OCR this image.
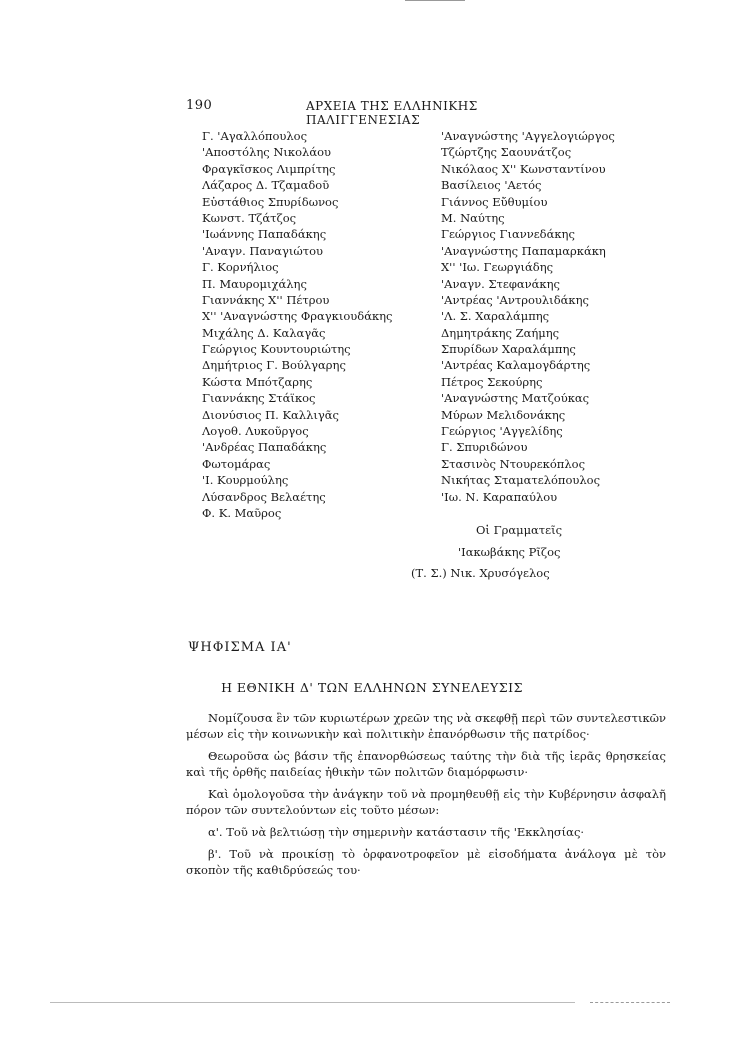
190	ΑΡΧΕΙΑ ΤΗΣ ΕΛΛΗΝΙΚΗΣ ΠΑΛΙΓΓΕΝΕΣΙΑΣ
Γ. 'Αγαλλόπουλος
'Αποστόλης Νικολάου
Φραγκῖσκος Λιμπρίτης
Λάζαρος Δ. Τζαμαδοῦ
Εὐστάθιος Σπυρίδωνος
Κωνστ. Τζάτζος
'Ιωάννης Παπαδάκης
'Αναγν. Παναγιώτου
Γ. Κορνήλιος
Π. Μαυρομιχάλης
Γιαννάκης Χ'' Πέτρου
Χ'' 'Αναγνώστης Φραγκιουδάκης
Μιχάλης Δ. Καλαγᾶς
Γεώργιος Κουντουριώτης
Δημήτριος Γ. Βούλγαρης
Κώστα Μπότζαρης
Γιαννάκης Στάϊκος
Διονύσιος Π. Καλλιγᾶς
Λογοθ. Λυκοῦργος
'Ανδρέας Παπαδάκης
Φωτομάρας
'Ι. Κουρμούλης
Λύσανδρος Βελαέτης
Φ. Κ. Μαῦρος
'Αναγνώστης 'Αγγελογιώργος
Τζώρτζης Σαουνάτζος
Νικόλαος Χ'' Κωνσταντίνου
Βασίλειος 'Αετός
Γιάννος Εὔθυμίου
Μ. Ναύτης
Γεώργιος Γιαννεδάκης
'Αναγνώστης Παπαμαρκάκη
Χ'' 'Ιω. Γεωργιάδης
'Αναγν. Στεφανάκης
'Αντρέας 'Αντρουλιδάκης
'Λ. Σ. Χαραλάμπης
Δημητράκης Ζαήμης
Σπυρίδων Χαραλάμπης
'Αντρέας Καλαμογδάρτης
Πέτρος Σεκούρης
'Αναγνώστης Ματζούκας
Μύρων Μελιδονάκης
Γεώργιος 'Αγγελίδης
Γ. Σπυριδώνου
Στασινὸς Ντουρεκόπλος
Νικήτας Σταματελόπουλος
'Ιω. Ν. Καραπαύλου
Οἱ Γραμματεῖς
'Ιακωβάκης Ρῖζος
(Τ. Σ.) Νικ. Χρυσόγελος
ΨΗΦΙΣΜΑ ΙΑ'
Η ΕΘΝΙΚΗ Δ' ΤΩΝ ΕΛΛΗΝΩΝ ΣΥΝΕΛΕΥΣΙΣ

Νομίζουσα ἓν τῶν κυριωτέρων χρεῶν της νὰ σκεφθῇ περὶ τῶν συντελεστικῶν μέσων εἰς τὴν κοινωνικὴν καὶ πολιτικὴν ἐπανόρθωσιν τῆς πατρίδος·

Θεωροῦσα ὡς βάσιν τῆς ἐπανορθώσεως ταύτης τὴν διὰ τῆς ἱερᾶς θρησκείας καὶ τῆς ὀρθῆς παιδείας ἠθικὴν τῶν πολιτῶν διαμόρφωσιν·

Καὶ ὁμολογοῦσα τὴν ἀνάγκην τοῦ νὰ προμηθευθῇ εἰς τὴν Κυβέρνησιν ἀσφαλῆ πόρον τῶν συντελούντων εἰς τοῦτο μέσων:

α'. Τοῦ νὰ βελτιώσῃ τὴν σημερινὴν κατάστασιν τῆς 'Εκκλησίας·

β'. Τοῦ νὰ προικίσῃ τὸ ὀρφανοτροφεῖον μὲ εἰσοδήματα ἀνάλογα μὲ τὸν σκοπὸν τῆς καθιδρύσεώς του·
